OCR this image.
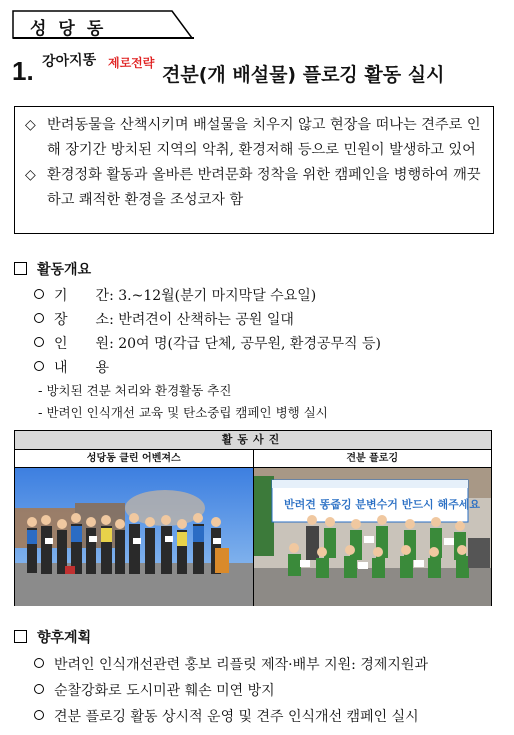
성당동
1. 강아지똥 제로전략
견분(개 배설물) 플로깅 활동 실시
◇ 반려동물을 산책시키며 배설물을 치우지 않고 현장을 떠나는 견주로 인해 장기간 방치된 지역의 악취, 환경저해 등으로 민원이 발생하고 있어
◇ 환경정화 활동과 올바른 반려문화 정착을 위한 캠페인을 병행하여 깨끗하고 쾌적한 환경을 조성코자 함
활동개요
기　　간: 3.~12월(분기 마지막달 수요일)
장　　소: 반려견이 산책하는 공원 일대
인　　원: 20여 명(각급 단체, 공무원, 환경공무직 등)
내　　용
- 방치된 견분 처리와 환경활동 추진
- 반려인 인식개선 교육 및 탄소중립 캠페인 병행 실시
활동사진
성당동 클린 어벤져스	견분 플로깅
반려견 똥줍깅 분변수거 반드시 해주세요
향후계획
반려인 인식개선관련 홍보 리플릿 제작·배부 지원: 경제지원과
순찰강화로 도시미관 훼손 미연 방지
견분 플로깅 활동 상시적 운영 및 견주 인식개선 캠페인 실시
